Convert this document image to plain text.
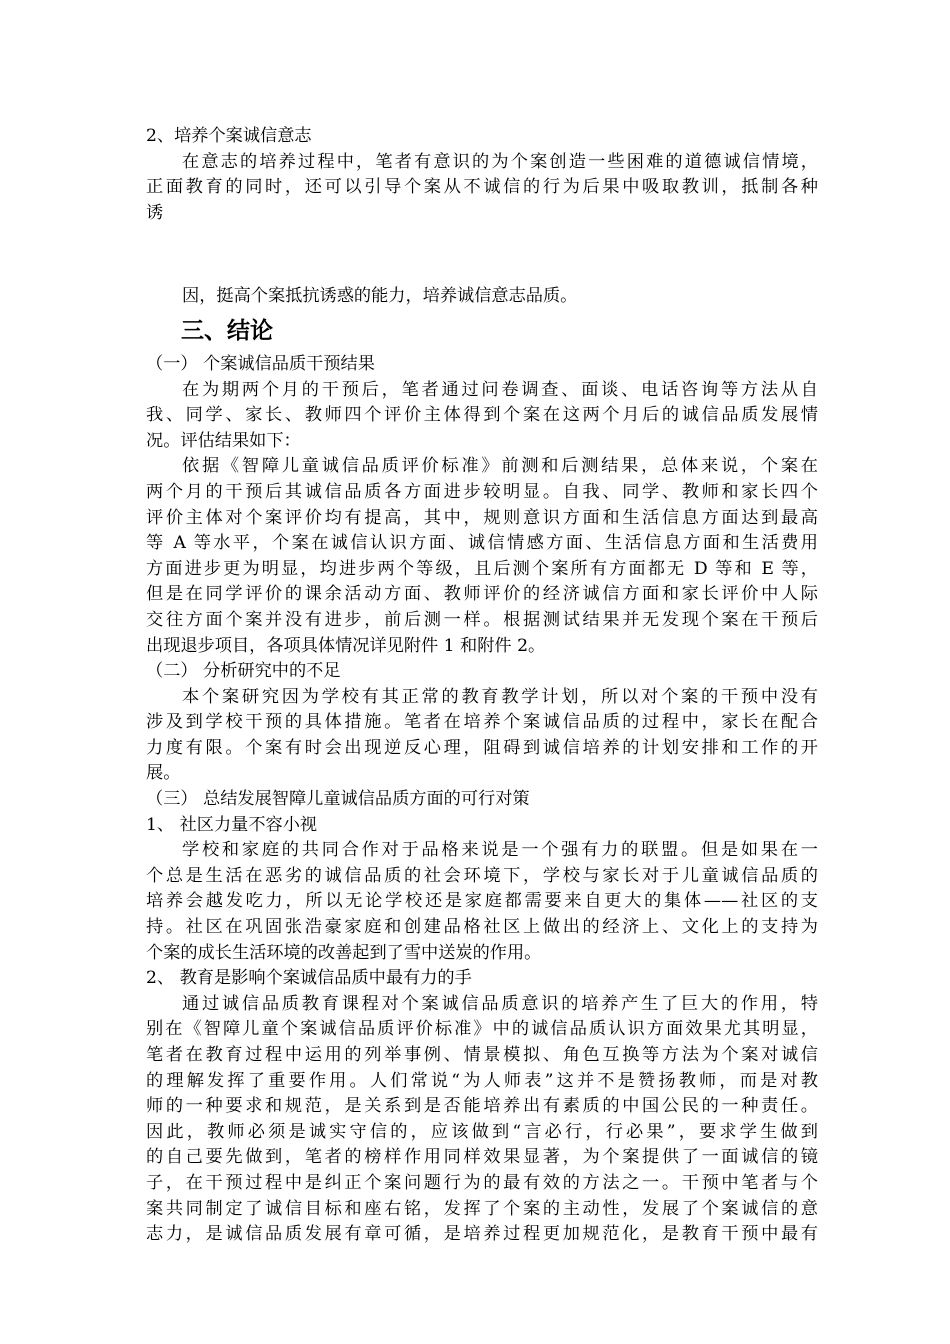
2、培养个案诚信意志
在意志的培养过程中，笔者有意识的为个案创造一些困难的道德诚信情境，
正面教育的同时，还可以引导个案从不诚信的行为后果中吸取教训，抵制各种
诱
因，挺高个案抵抗诱惑的能力，培养诚信意志品质。
三、结论
（一） 个案诚信品质干预结果
在为期两个月的干预后，笔者通过问卷调查、面谈、电话咨询等方法从自
我、同学、家长、教师四个评价主体得到个案在这两个月后的诚信品质发展情
况。评估结果如下：
依据《智障儿童诚信品质评价标准》前测和后测结果，总体来说，个案在
两个月的干预后其诚信品质各方面进步较明显。自我、同学、教师和家长四个
评价主体对个案评价均有提高，其中，规则意识方面和生活信息方面达到最高
等 A 等水平，个案在诚信认识方面、诚信情感方面、生活信息方面和生活费用
方面进步更为明显，均进步两个等级，且后测个案所有方面都无 D 等和 E 等，
但是在同学评价的课余活动方面、教师评价的经济诚信方面和家长评价中人际
交往方面个案并没有进步，前后测一样。根据测试结果并无发现个案在干预后
出现退步项目，各项具体情况详见附件 1 和附件 2。
（二） 分析研究中的不足
本个案研究因为学校有其正常的教育教学计划，所以对个案的干预中没有
涉及到学校干预的具体措施。笔者在培养个案诚信品质的过程中，家长在配合
力度有限。个案有时会出现逆反心理，阻碍到诚信培养的计划安排和工作的开
展。
（三） 总结发展智障儿童诚信品质方面的可行对策
1、 社区力量不容小视
学校和家庭的共同合作对于品格来说是一个强有力的联盟。但是如果在一
个总是生活在恶劣的诚信品质的社会环境下，学校与家长对于儿童诚信品质的
培养会越发吃力，所以无论学校还是家庭都需要来自更大的集体——社区的支
持。社区在巩固张浩豪家庭和创建品格社区上做出的经济上、文化上的支持为
个案的成长生活环境的改善起到了雪中送炭的作用。
2、 教育是影响个案诚信品质中最有力的手
通过诚信品质教育课程对个案诚信品质意识的培养产生了巨大的作用，特
别在《智障儿童个案诚信品质评价标准》中的诚信品质认识方面效果尤其明显，
笔者在教育过程中运用的列举事例、情景模拟、角色互换等方法为个案对诚信
的理解发挥了重要作用。人们常说“为人师表”这并不是赞扬教师，而是对教
师的一种要求和规范，是关系到是否能培养出有素质的中国公民的一种责任。
因此，教师必须是诚实守信的，应该做到“言必行，行必果”，要求学生做到
的自己要先做到，笔者的榜样作用同样效果显著，为个案提供了一面诚信的镜
子，在干预过程中是纠正个案问题行为的最有效的方法之一。干预中笔者与个
案共同制定了诚信目标和座右铭，发挥了个案的主动性，发展了个案诚信的意
志力，是诚信品质发展有章可循，是培养过程更加规范化，是教育干预中最有
